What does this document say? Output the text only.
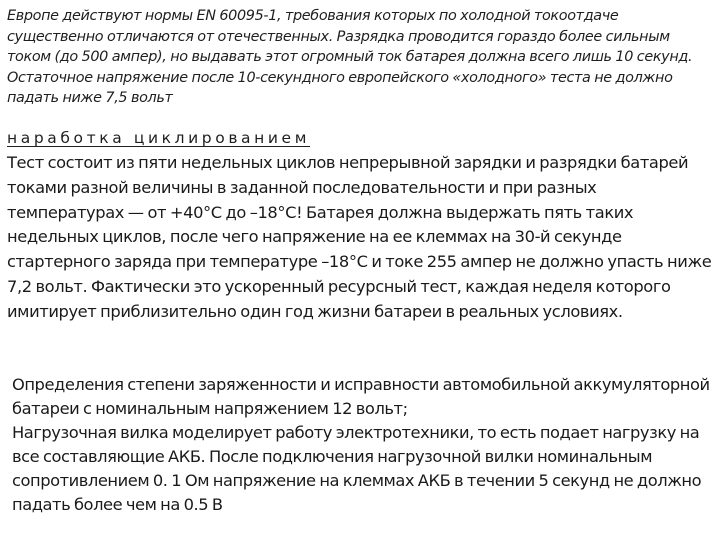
Европе действуют нормы EN 60095-1, требования которых по холодной токоотдаче существенно отличаются от отечественных. Разрядка проводится гораздо более сильным током (до 500 ампер), но выдавать этот огромный ток батарея должна всего лишь 10 секунд. Остаточное напряжение после 10-секундного европейского «холодного» теста не должно падать ниже 7,5 вольт

наработка циклированием

Тест состоит из пяти недельных циклов непрерывной зарядки и разрядки батарей токами разной величины в заданной последовательности и при разных температурах — от +40°С до –18°С! Батарея должна выдержать пять таких недельных циклов, после чего напряжение на ее клеммах на 30-й секунде стартерного заряда при температуре –18°С и токе 255 ампер не должно упасть ниже 7,2 вольт. Фактически это ускоренный ресурсный тест, каждая неделя которого имитирует приблизительно один год жизни батареи в реальных условиях.

Определения степени заряженности и исправности автомобильной аккумуляторной батареи с номинальным напряжением 12 вольт;
Нагрузочная вилка моделирует работу электротехники, то есть подает нагрузку на все составляющие АКБ. После подключения нагрузочной вилки номинальным сопротивлением 0. 1 Ом напряжение на клеммах АКБ в течении 5 секунд не должно падать более чем на 0.5 В
